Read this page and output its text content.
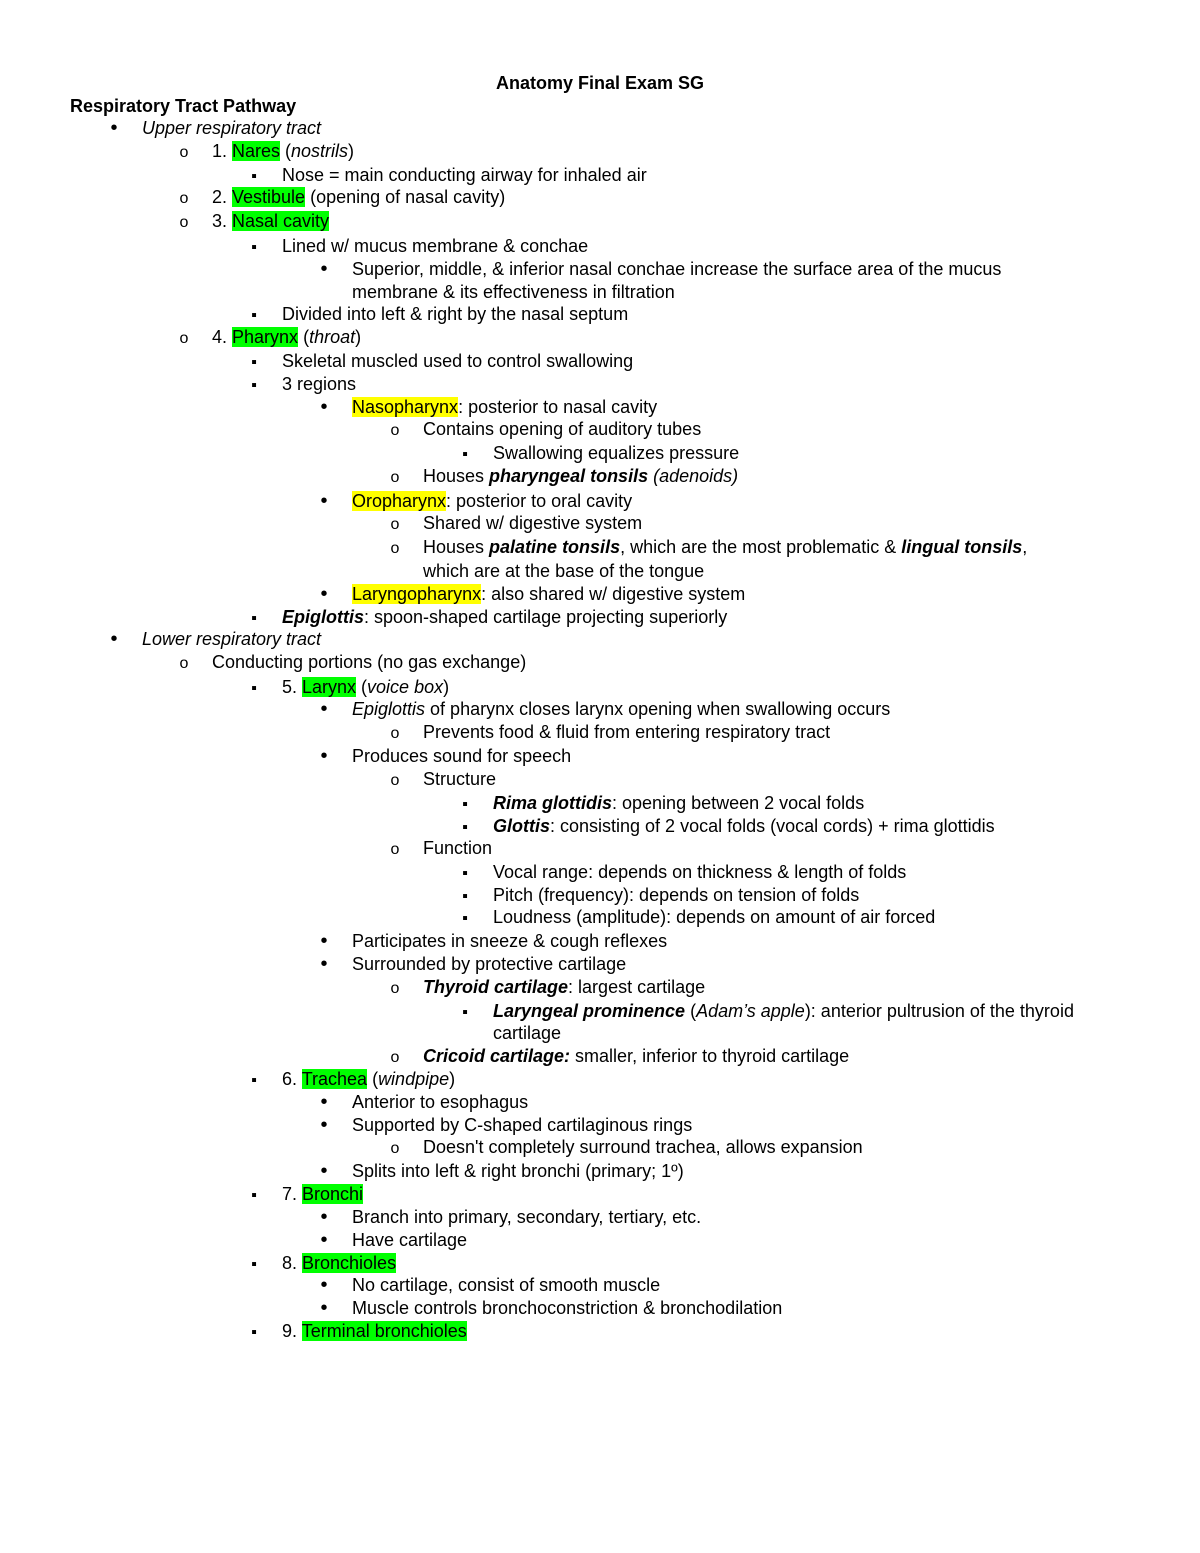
Anatomy Final Exam SG
Respiratory Tract Pathway
•
Upper respiratory tract
o
1. Nares (nostrils)
▪
Nose = main conducting airway for inhaled air
o
2. Vestibule (opening of nasal cavity)
o
3. Nasal cavity
▪
Lined w/ mucus membrane & conchae
•
Superior, middle, & inferior nasal conchae increase the surface area of the mucus
membrane & its effectiveness in filtration
▪
Divided into left & right by the nasal septum
o
4. Pharynx (throat)
▪
Skeletal muscled used to control swallowing
▪
3 regions
•
Nasopharynx: posterior to nasal cavity
o
Contains opening of auditory tubes
▪
Swallowing equalizes pressure
o
Houses pharyngeal tonsils (adenoids)
•
Oropharynx: posterior to oral cavity
o
Shared w/ digestive system
o
Houses palatine tonsils, which are the most problematic & lingual tonsils,
which are at the base of the tongue
•
Laryngopharynx: also shared w/ digestive system
▪
Epiglottis: spoon-shaped cartilage projecting superiorly
•
Lower respiratory tract
o
Conducting portions (no gas exchange)
▪
5. Larynx (voice box)
•
Epiglottis of pharynx closes larynx opening when swallowing occurs
o
Prevents food & fluid from entering respiratory tract
•
Produces sound for speech
o
Structure
▪
Rima glottidis: opening between 2 vocal folds
▪
Glottis: consisting of 2 vocal folds (vocal cords) + rima glottidis
o
Function
▪
Vocal range: depends on thickness & length of folds
▪
Pitch (frequency): depends on tension of folds
▪
Loudness (amplitude): depends on amount of air forced
•
Participates in sneeze & cough reflexes
•
Surrounded by protective cartilage
o
Thyroid cartilage: largest cartilage
▪
Laryngeal prominence (Adam’s apple): anterior pultrusion of the thyroid
cartilage
o
Cricoid cartilage: smaller, inferior to thyroid cartilage
▪
6. Trachea (windpipe)
•
Anterior to esophagus
•
Supported by C-shaped cartilaginous rings
o
Doesn't completely surround trachea, allows expansion
•
Splits into left & right bronchi (primary; 1º)
▪
7. Bronchi
•
Branch into primary, secondary, tertiary, etc.
•
Have cartilage
▪
8. Bronchioles
•
No cartilage, consist of smooth muscle
•
Muscle controls bronchoconstriction & bronchodilation
▪
9. Terminal bronchioles
